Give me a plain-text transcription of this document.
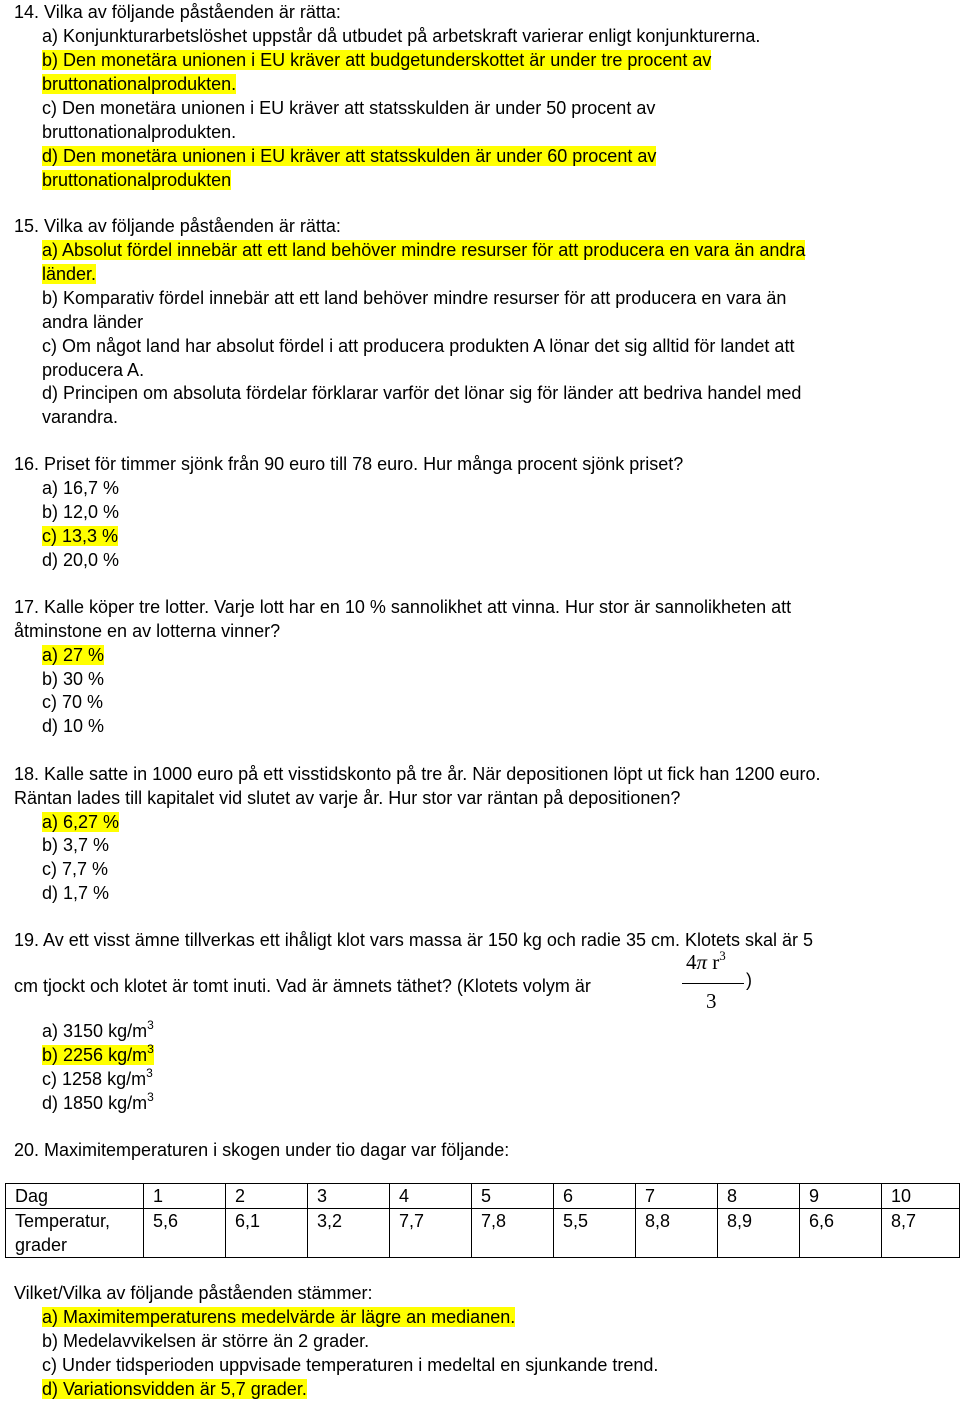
14. Vilka av följande påståenden är rätta:
a) Konjunkturarbetslöshet uppstår då utbudet på arbetskraft varierar enligt konjunkturerna.
b) Den monetära unionen i EU kräver att budgetunderskottet är under tre procent av
bruttonationalprodukten.
c) Den monetära unionen i EU kräver att statsskulden är under 50 procent av
bruttonationalprodukten.
d) Den monetära unionen i EU kräver att statsskulden är under 60 procent av
bruttonationalprodukten
15. Vilka av följande påståenden är rätta:
a) Absolut fördel innebär att ett land behöver mindre resurser för att producera en vara än andra
länder.
b) Komparativ fördel innebär att ett land behöver mindre resurser för att producera en vara än
andra länder
c) Om något land har absolut fördel i att producera produkten A lönar det sig alltid för landet att
producera A.
d) Principen om absoluta fördelar förklarar varför det lönar sig för länder att bedriva handel med
varandra.
16. Priset för timmer sjönk från 90 euro till 78 euro. Hur många procent sjönk priset?
a) 16,7 %
b) 12,0 %
c) 13,3 %
d) 20,0 %
17. Kalle köper tre lotter. Varje lott har en 10 % sannolikhet att vinna. Hur stor är sannolikheten att
åtminstone en av lotterna vinner?
a) 27 %
b) 30 %
c) 70 %
d) 10 %
18. Kalle satte in 1000 euro på ett visstidskonto på tre år. När depositionen löpt ut fick han 1200 euro.
Räntan lades till kapitalet vid slutet av varje år. Hur stor var räntan på depositionen?
a) 6,27 %
b) 3,7 %
c) 7,7 %
d) 1,7 %
19. Av ett visst ämne tillverkas ett ihåligt klot vars massa är 150 kg och radie 35 cm. Klotets skal är 5
cm tjockt och klotet är tomt inuti. Vad är ämnets täthet? (Klotets volym är
4π $r^3$
3
)
a) 3150 $kg/m^3$
b) 2256 $kg/m^3$
c) 1258 $kg/m^3$
d) 1850 $kg/m^3$
20. Maximitemperaturen i skogen under tio dagar var följande:
Dag	1	2	3	4	5	6	7	8	9	10
Temperatur, grader	5,6	6,1	3,2	7,7	7,8	5,5	8,8	8,9	6,6	8,7
Vilket/Vilka av följande påståenden stämmer:
a) Maximitemperaturens medelvärde är lägre an medianen.
b) Medelavvikelsen är större än 2 grader.
c) Under tidsperioden uppvisade temperaturen i medeltal en sjunkande trend.
d) Variationsvidden är 5,7 grader.
